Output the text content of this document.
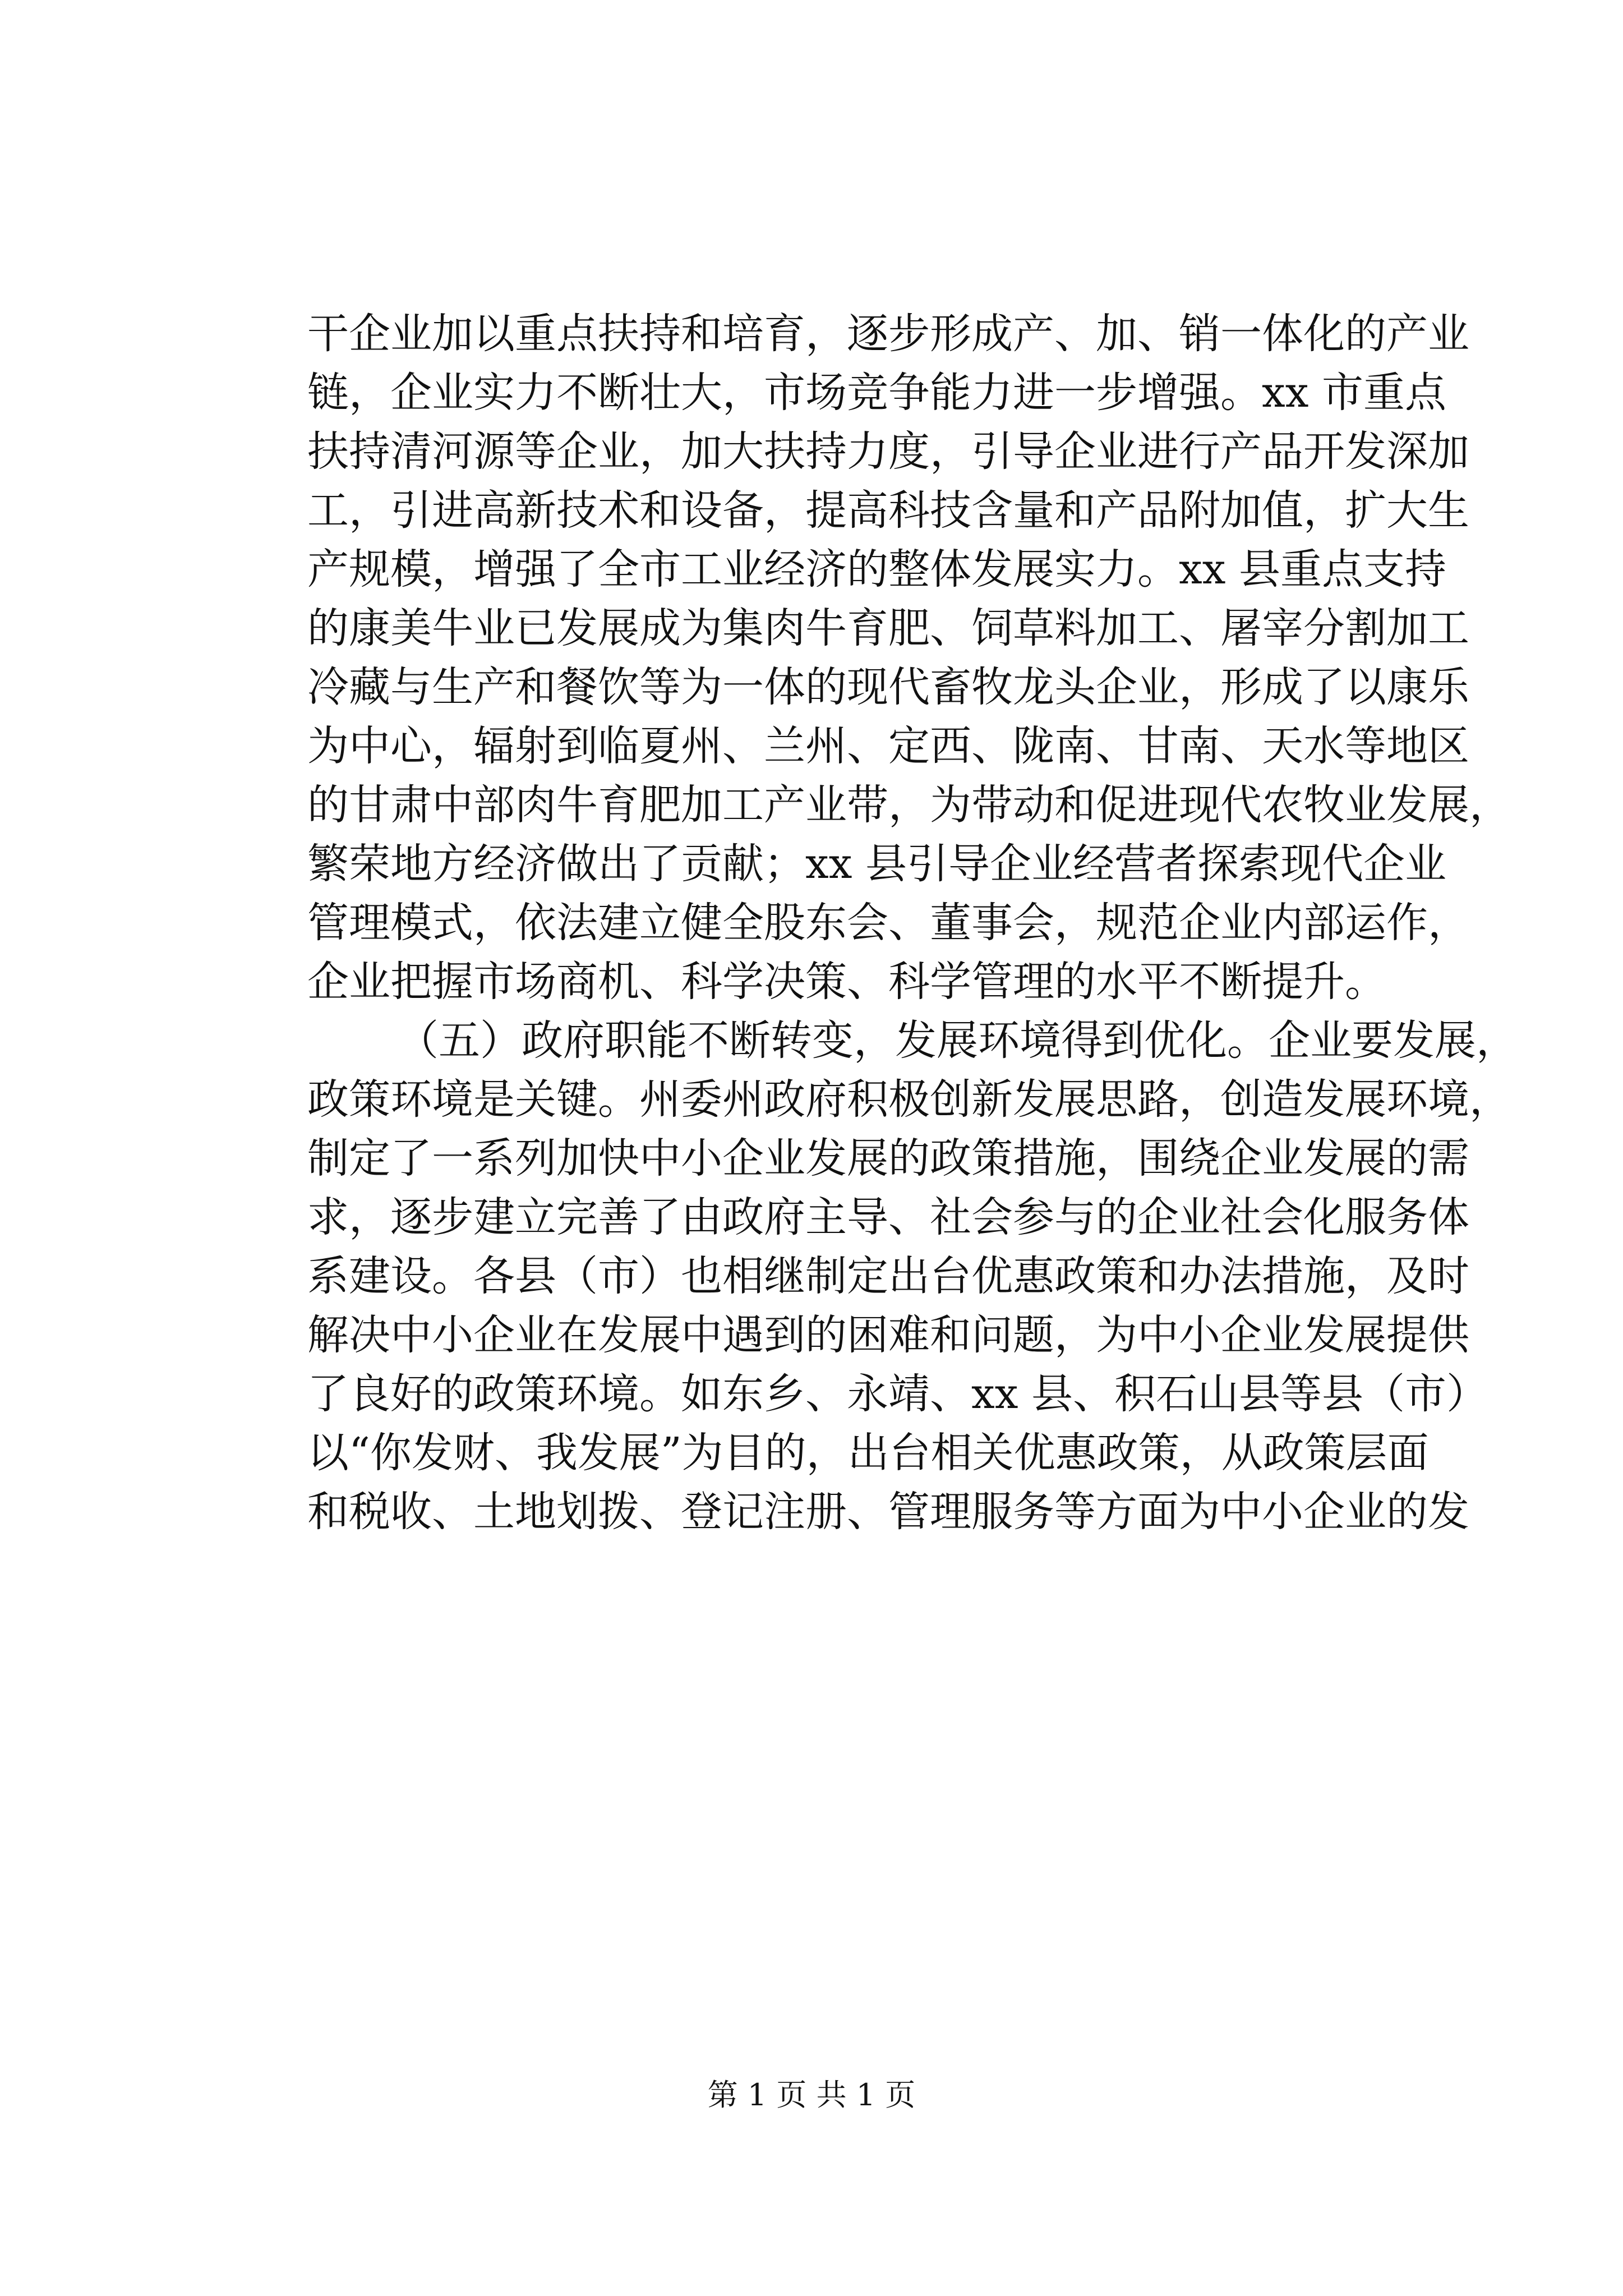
干企业加以重点扶持和培育，逐步形成产、加、销一体化的产业
链，企业实力不断壮大，市场竞争能力进一步增强。xx 市重点
扶持清河源等企业，加大扶持力度，引导企业进行产品开发深加
工，引进高新技术和设备，提高科技含量和产品附加值，扩大生
产规模，增强了全市工业经济的整体发展实力。xx 县重点支持
的康美牛业已发展成为集肉牛育肥、饲草料加工、屠宰分割加工
冷藏与生产和餐饮等为一体的现代畜牧龙头企业，形成了以康乐
为中心，辐射到临夏州、兰州、定西、陇南、甘南、天水等地区
的甘肃中部肉牛育肥加工产业带，为带动和促进现代农牧业发展，
繁荣地方经济做出了贡献；xx 县引导企业经营者探索现代企业
管理模式，依法建立健全股东会、董事会，规范企业内部运作，
企业把握市场商机、科学决策、科学管理的水平不断提升。
（五）政府职能不断转变，发展环境得到优化。企业要发展，
政策环境是关键。州委州政府积极创新发展思路，创造发展环境，
制定了一系列加快中小企业发展的政策措施，围绕企业发展的需
求，逐步建立完善了由政府主导、社会参与的企业社会化服务体
系建设。各县（市）也相继制定出台优惠政策和办法措施，及时
解决中小企业在发展中遇到的困难和问题，为中小企业发展提供
了良好的政策环境。如东乡、永靖、xx 县、积石山县等县（市）
以“你发财、我发展”为目的，出台相关优惠政策，从政策层面
和税收、土地划拨、登记注册、管理服务等方面为中小企业的发
第 1 页 共 1 页
